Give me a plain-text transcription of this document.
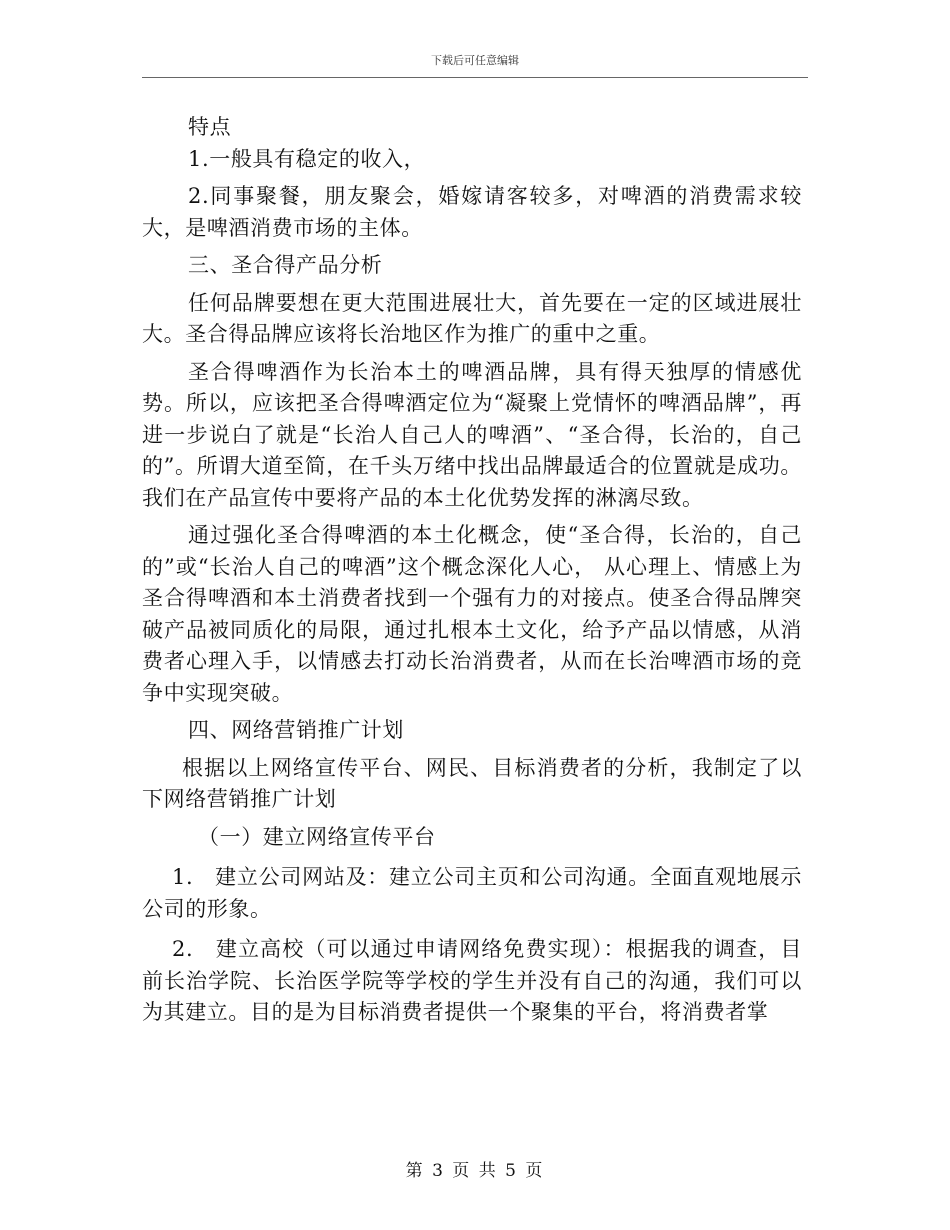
下载后可任意编辑

特点

1.一般具有稳定的收入，

2.同事聚餐，朋友聚会，婚嫁请客较多，对啤酒的消费需求较大，是啤酒消费市场的主体。

三、圣合得产品分析

任何品牌要想在更大范围进展壮大，首先要在一定的区域进展壮大。圣合得品牌应该将长治地区作为推广的重中之重。

圣合得啤酒作为长治本土的啤酒品牌，具有得天独厚的情感优势。所以，应该把圣合得啤酒定位为“凝聚上党情怀的啤酒品牌”，再进一步说白了就是“长治人自己人的啤酒”、“圣合得，长治的，自己的”。所谓大道至简，在千头万绪中找出品牌最适合的位置就是成功。我们在产品宣传中要将产品的本土化优势发挥的淋漓尽致。

通过强化圣合得啤酒的本土化概念，使“圣合得，长治的，自己的”或“长治人自己的啤酒”这个概念深化人心， 从心理上、情感上为圣合得啤酒和本土消费者找到一个强有力的对接点。使圣合得品牌突破产品被同质化的局限，通过扎根本土文化，给予产品以情感，从消费者心理入手，以情感去打动长治消费者，从而在长治啤酒市场的竞争中实现突破。

四、网络营销推广计划

根据以上网络宣传平台、网民、目标消费者的分析，我制定了以下网络营销推广计划

（一）建立网络宣传平台

1.　建立公司网站及：建立公司主页和公司沟通。全面直观地展示公司的形象。

2.　建立高校（可以通过申请网络免费实现）：根据我的调查，目前长治学院、长治医学院等学校的学生并没有自己的沟通，我们可以为其建立。目的是为目标消费者提供一个聚集的平台，将消费者掌

第 3 页 共 5 页
